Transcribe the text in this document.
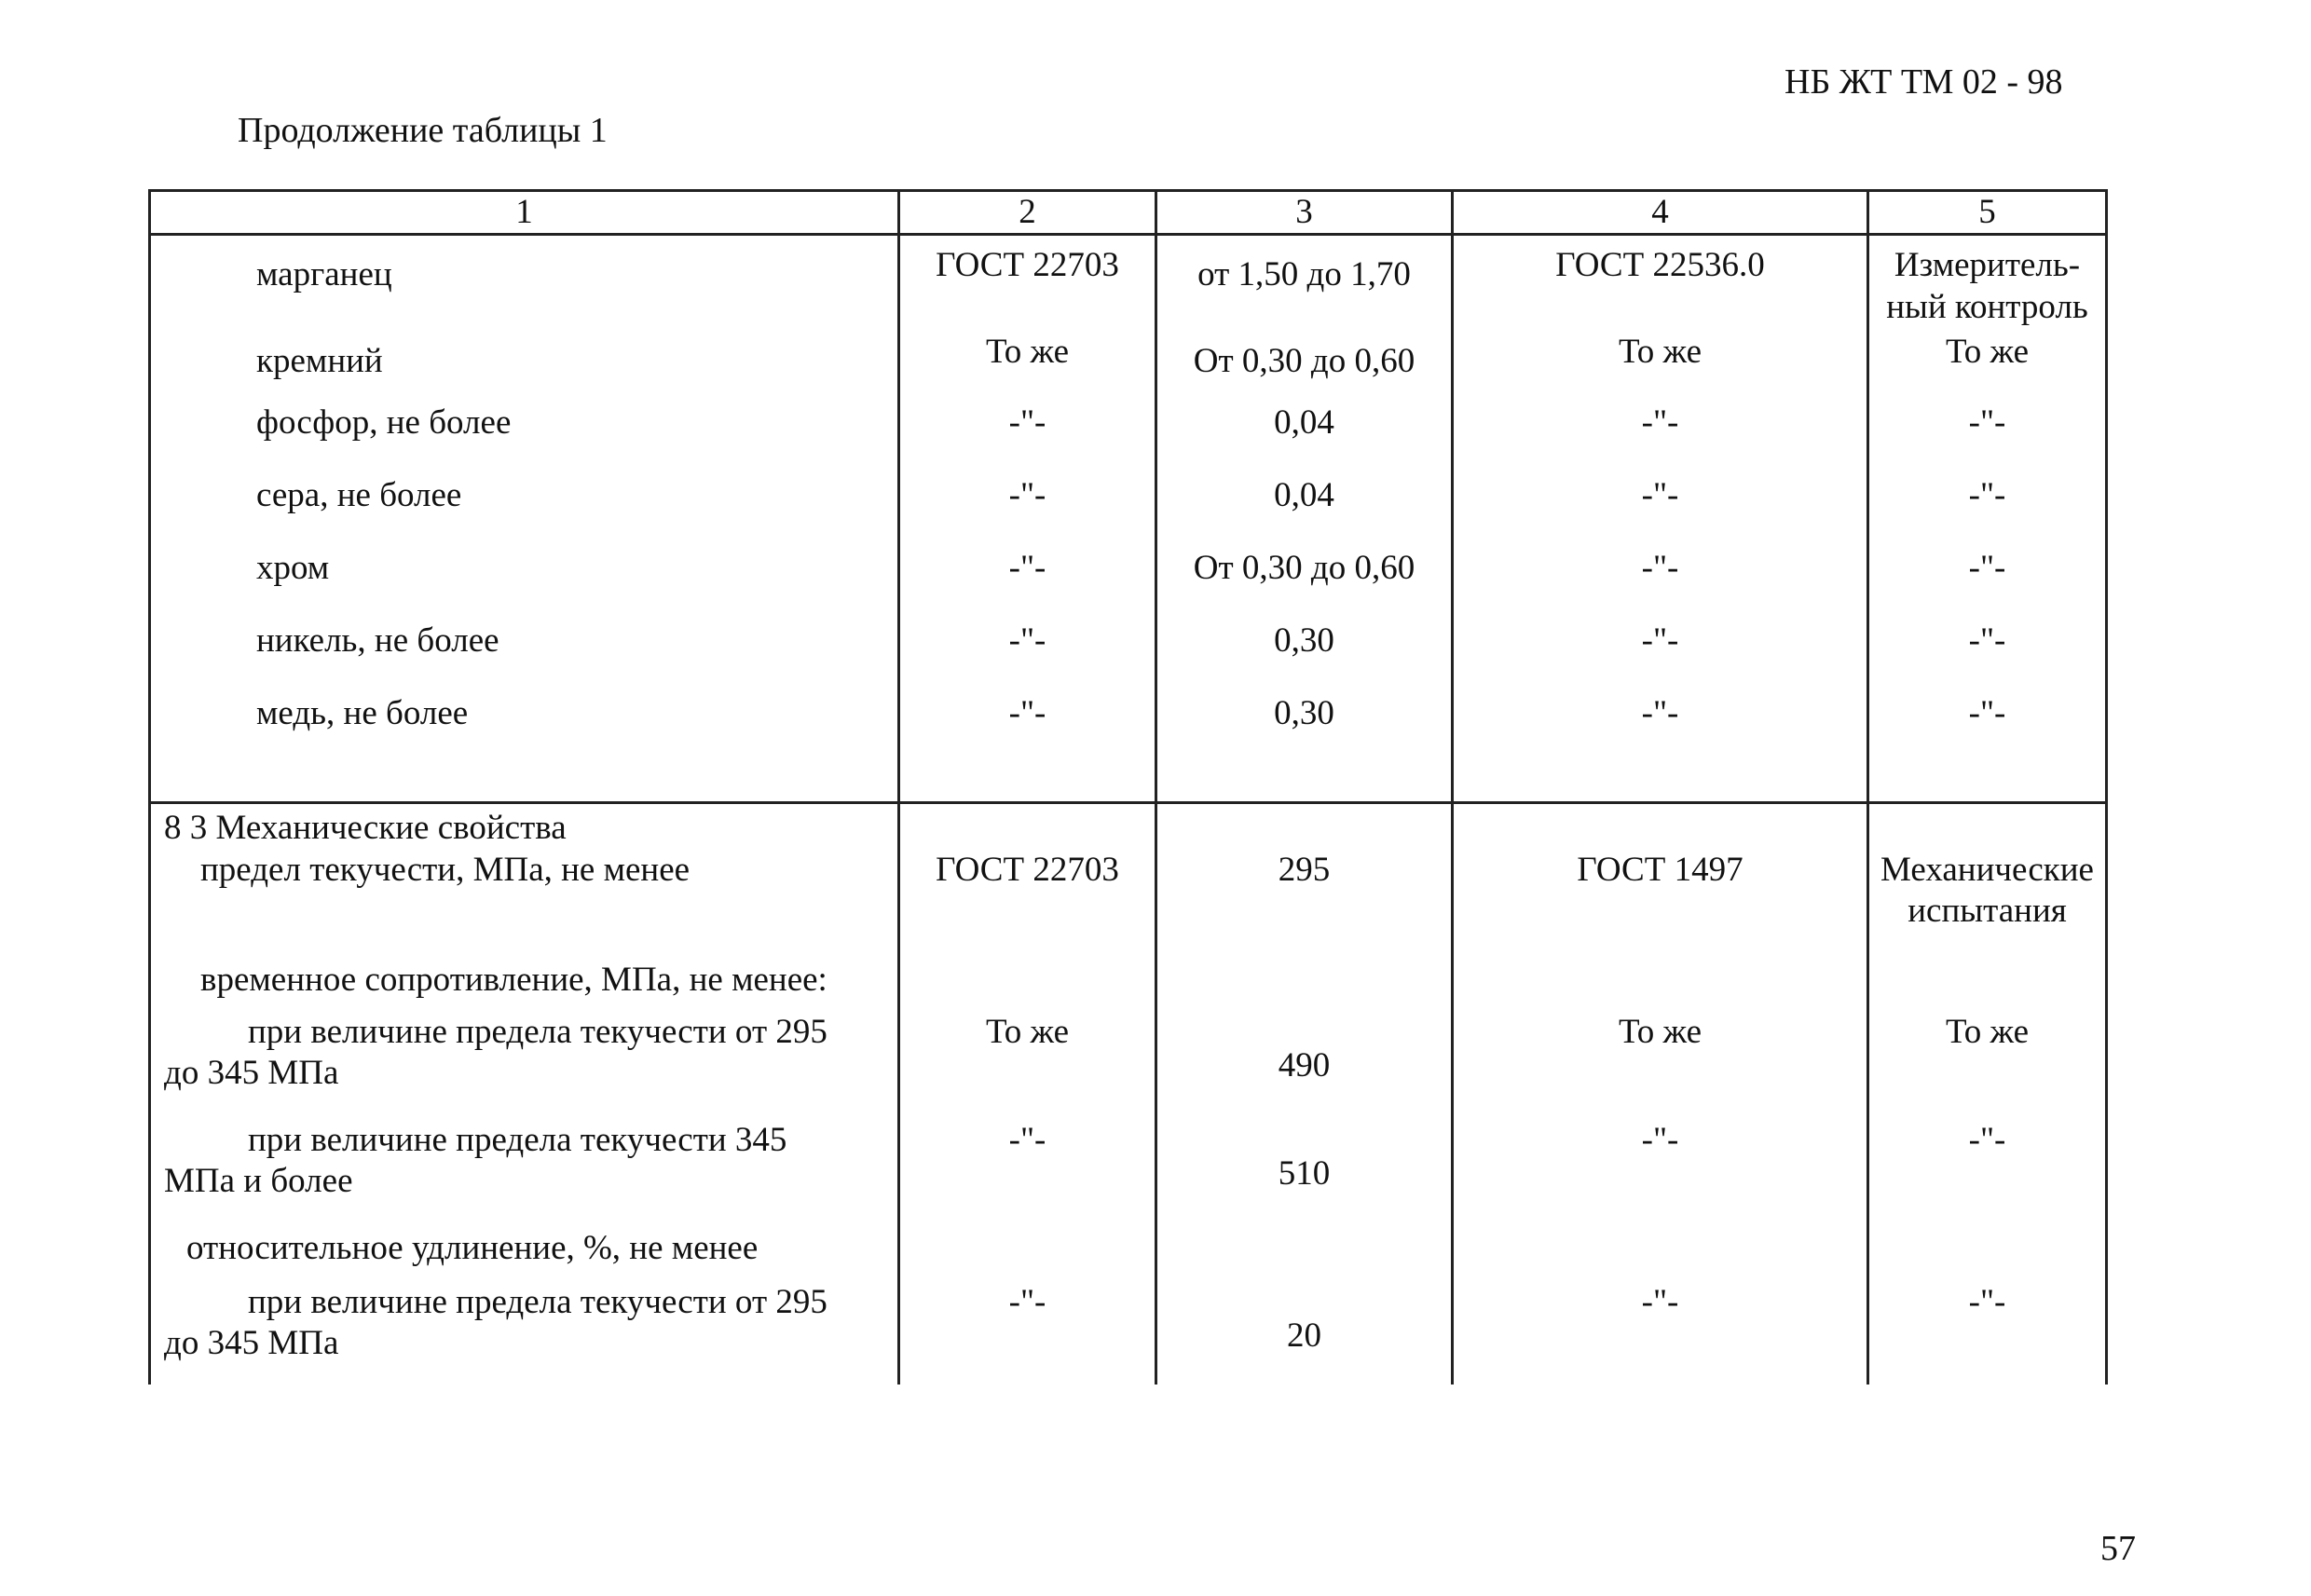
НБ ЖТ ТМ 02 - 98
Продолжение таблицы 1
1	2	3	4	5

марганец	ГОСТ 22703	от 1,50 до 1,70	ГОСТ 22536.0	Измеритель-ный контроль
кремний	То же	От 0,30 до 0,60	То же	То же
фосфор, не более	-"-	0,04	-"-	-"-
сера, не более	-"-	0,04	-"-	-"-
хром	-"-	От 0,30 до 0,60	-"-	-"-
никель, не более	-"-	0,30	-"-	-"-
медь, не более	-"-	0,30	-"-	-"-
8 3 Механические свойства				
предел текучести, МПа, не менее	ГОСТ 22703	295	ГОСТ 1497	Механические испытания
временное сопротивление, МПа, не менее:				

при величине предела текучести от 295
до 345 МПа	То же	490	То же	То же

при величине предела текучести 345
МПа и более	-"-	510	-"-	-"-
относительное удлинение, %, не менее				

при величине предела текучести от 295
до 345 МПа	-"-	20	-"-	-"-
57
